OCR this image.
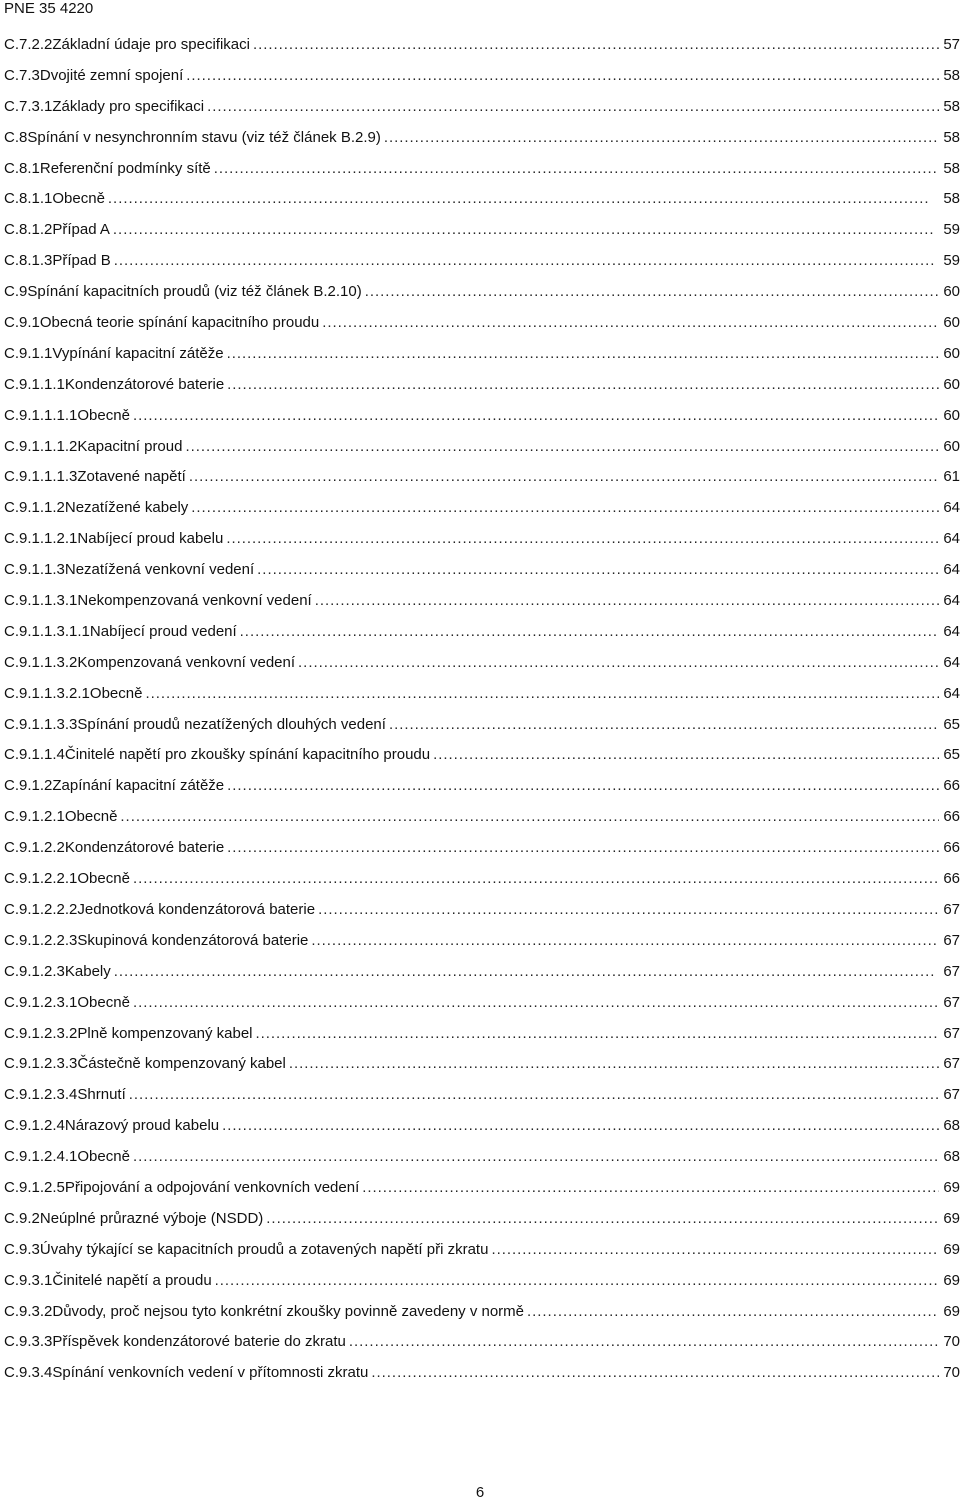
PNE 35 4220
C.7.2.2Základní údaje pro specifikaci . . .	57
C.7.3Dvojité zemní spojení . . .	58
C.7.3.1Základy pro specifikaci . . .	58
C.8Spínání v nesynchronním stavu (viz též článek B.2.9) . . .	58
C.8.1Referenční podmínky sítě . . .	58
C.8.1.1Obecně . . .	58
C.8.1.2Případ A . . .	59
C.8.1.3Případ B . . .	59
C.9Spínání kapacitních proudů (viz též článek B.2.10) . . .	60
C.9.1Obecná teorie spínání kapacitního proudu . . .	60
C.9.1.1Vypínání kapacitní zátěže . . .	60
C.9.1.1.1Kondenzátorové baterie . . .	60
C.9.1.1.1.1Obecně . . .	60
C.9.1.1.1.2Kapacitní proud . . .	60
C.9.1.1.1.3Zotavené napětí . . .	61
C.9.1.1.2Nezatížené kabely . . .	64
C.9.1.1.2.1Nabíjecí proud kabelu . . .	64
C.9.1.1.3Nezatížená venkovní vedení . . .	64
C.9.1.1.3.1Nekompenzovaná venkovní vedení . . .	64
C.9.1.1.3.1.1Nabíjecí proud vedení . . .	64
C.9.1.1.3.2Kompenzovaná venkovní vedení . . .	64
C.9.1.1.3.2.1Obecně . . .	64
C.9.1.1.3.3Spínání proudů nezatížených dlouhých vedení . . .	65
C.9.1.1.4Činitelé napětí pro zkoušky spínání kapacitního proudu . . .	65
C.9.1.2Zapínání kapacitní zátěže . . .	66
C.9.1.2.1Obecně . . .	66
C.9.1.2.2Kondenzátorové baterie . . .	66
C.9.1.2.2.1Obecně . . .	66
C.9.1.2.2.2Jednotková kondenzátorová baterie . . .	67
C.9.1.2.2.3Skupinová kondenzátorová baterie . . .	67
C.9.1.2.3Kabely . . .	67
C.9.1.2.3.1Obecně . . .	67
C.9.1.2.3.2Plně kompenzovaný kabel . . .	67
C.9.1.2.3.3Částečně kompenzovaný kabel . . .	67
C.9.1.2.3.4Shrnutí . . .	67
C.9.1.2.4Nárazový proud kabelu . . .	68
C.9.1.2.4.1Obecně . . .	68
C.9.1.2.5Připojování a odpojování venkovních vedení . . .	69
C.9.2Neúplné průrazné výboje (NSDD) . . .	69
C.9.3Úvahy týkající se kapacitních proudů a zotavených napětí při zkratu . . .	69
C.9.3.1Činitelé napětí a proudu . . .	69
C.9.3.2Důvody, proč nejsou tyto konkrétní zkoušky povinně zavedeny v normě . . .	69
C.9.3.3Příspěvek kondenzátorové baterie do zkratu . . .	70
C.9.3.4Spínání venkovních vedení v přítomnosti zkratu . . .	70
6
